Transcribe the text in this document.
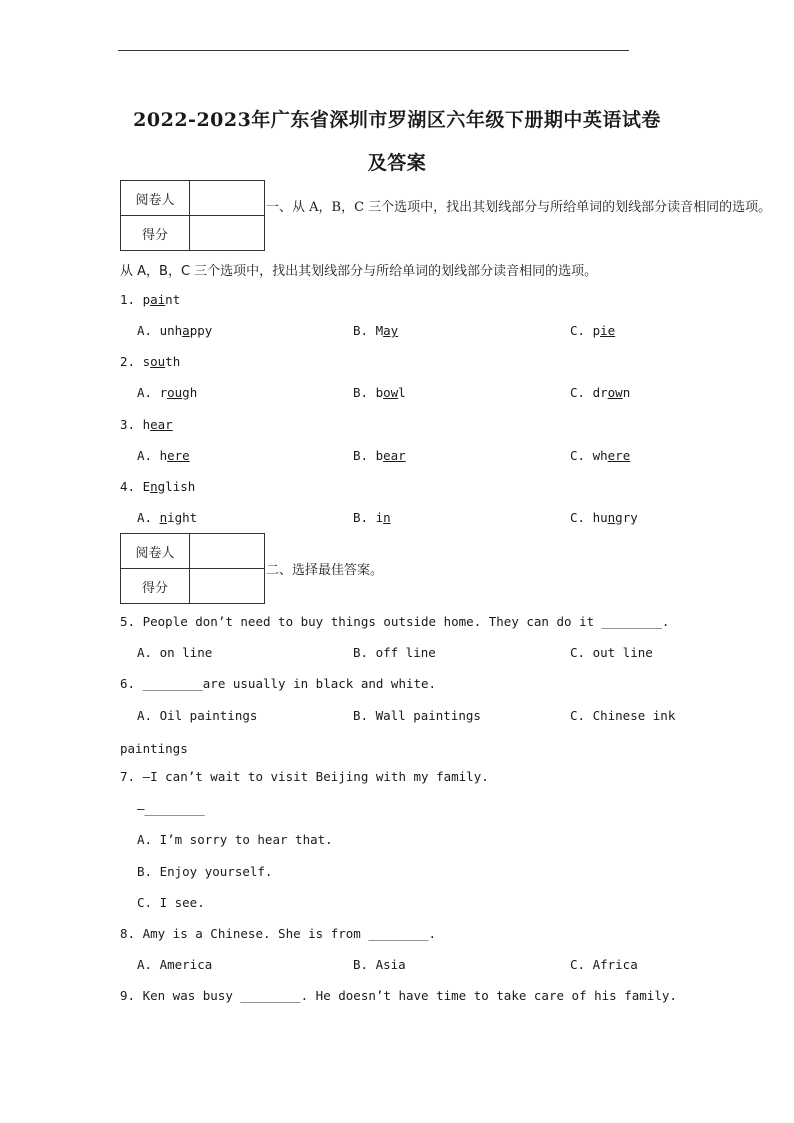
2022-2023年广东省深圳市罗湖区六年级下册期中英语试卷
及答案
阅卷人	
得分	
一、从 A，B，C 三个选项中，找出其划线部分与所给单词的划线部分读音相同的选项。
从 A，B，C 三个选项中，找出其划线部分与所给单词的划线部分读音相同的选项。
1. paint
A. unhappy	B. May	C. pie
2. south
A. rough	B. bowl	C. drown
3. hear
A. here	B. bear	C. where
4. English
A. night	B. in	C. hungry
阅卷人	
得分	
二、选择最佳答案。
5. People don’t need to buy things outside home. They can do it ________.
A. on line	B. off line	C. out line
6. ________are usually in black and white.
A. Oil paintings	B. Wall paintings	C. Chinese ink
paintings
7. —I can’t wait to visit Beijing with my family.
—________
A. I’m sorry to hear that.
B. Enjoy yourself.
C. I see.
8. Amy is a Chinese. She is from ________.
A. America	B. Asia	C. Africa
9. Ken was busy ________. He doesn’t have time to take care of his family.
